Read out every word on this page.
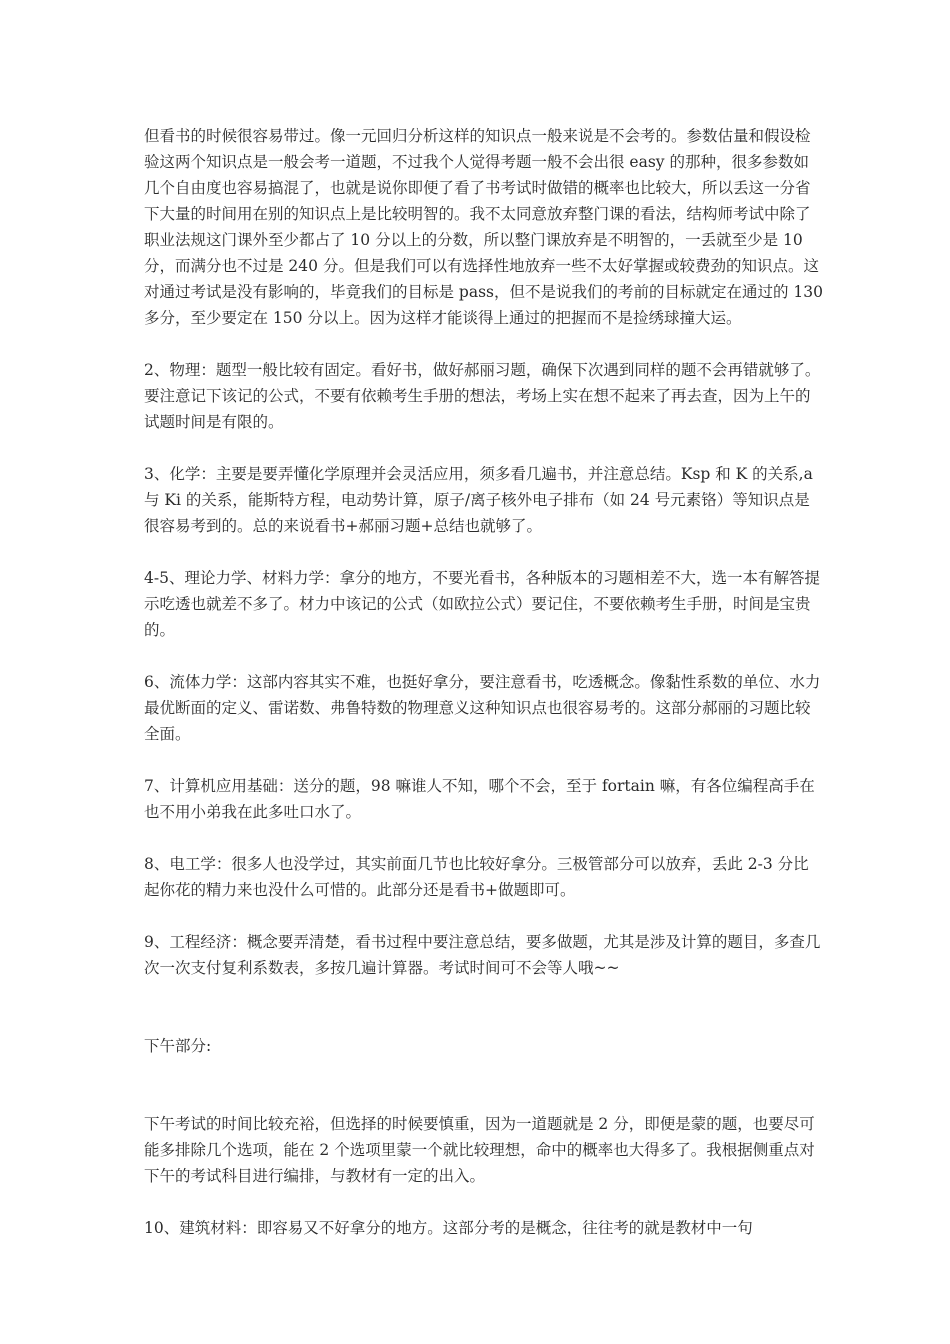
但看书的时候很容易带过。像一元回归分析这样的知识点一般来说是不会考的。参数估量和假设检验这两个知识点是一般会考一道题，不过我个人觉得考题一般不会出很 easy 的那种，很多参数如几个自由度也容易搞混了，也就是说你即便了看了书考试时做错的概率也比较大，所以丢这一分省下大量的时间用在别的知识点上是比较明智的。我不太同意放弃整门课的看法，结构师考试中除了职业法规这门课外至少都占了 10 分以上的分数，所以整门课放弃是不明智的，一丢就至少是 10 分，而满分也不过是 240 分。但是我们可以有选择性地放弃一些不太好掌握或较费劲的知识点。这对通过考试是没有影响的，毕竟我们的目标是 pass，但不是说我们的考前的目标就定在通过的 130 多分，至少要定在 150 分以上。因为这样才能谈得上通过的把握而不是捡绣球撞大运。

2、物理：题型一般比较有固定。看好书，做好郝丽习题，确保下次遇到同样的题不会再错就够了。要注意记下该记的公式，不要有依赖考生手册的想法，考场上实在想不起来了再去查，因为上午的试题时间是有限的。

3、化学：主要是要弄懂化学原理并会灵活应用，须多看几遍书，并注意总结。Ksp 和 K 的关系,a 与 Ki 的关系，能斯特方程，电动势计算，原子/离子核外电子排布（如 24 号元素铬）等知识点是很容易考到的。总的来说看书+郝丽习题+总结也就够了。

4-5、理论力学、材料力学：拿分的地方，不要光看书，各种版本的习题相差不大，选一本有解答提示吃透也就差不多了。材力中该记的公式（如欧拉公式）要记住，不要依赖考生手册，时间是宝贵的。

6、流体力学：这部内容其实不难，也挺好拿分，要注意看书，吃透概念。像黏性系数的单位、水力最优断面的定义、雷诺数、弗鲁特数的物理意义这种知识点也很容易考的。这部分郝丽的习题比较全面。

7、计算机应用基础：送分的题，98 嘛谁人不知，哪个不会，至于 fortain 嘛，有各位编程高手在也不用小弟我在此多吐口水了。

8、电工学：很多人也没学过，其实前面几节也比较好拿分。三极管部分可以放弃，丢此 2-3 分比起你花的精力来也没什么可惜的。此部分还是看书+做题即可。

9、工程经济：概念要弄清楚，看书过程中要注意总结，要多做题，尤其是涉及计算的题目，多查几次一次支付复利系数表，多按几遍计算器。考试时间可不会等人哦~~

下午部分:

下午考试的时间比较充裕，但选择的时候要慎重，因为一道题就是 2 分，即便是蒙的题，也要尽可能多排除几个选项，能在 2 个选项里蒙一个就比较理想，命中的概率也大得多了。我根据侧重点对下午的考试科目进行编排，与教材有一定的出入。

10、建筑材料：即容易又不好拿分的地方。这部分考的是概念，往往考的就是教材中一句
